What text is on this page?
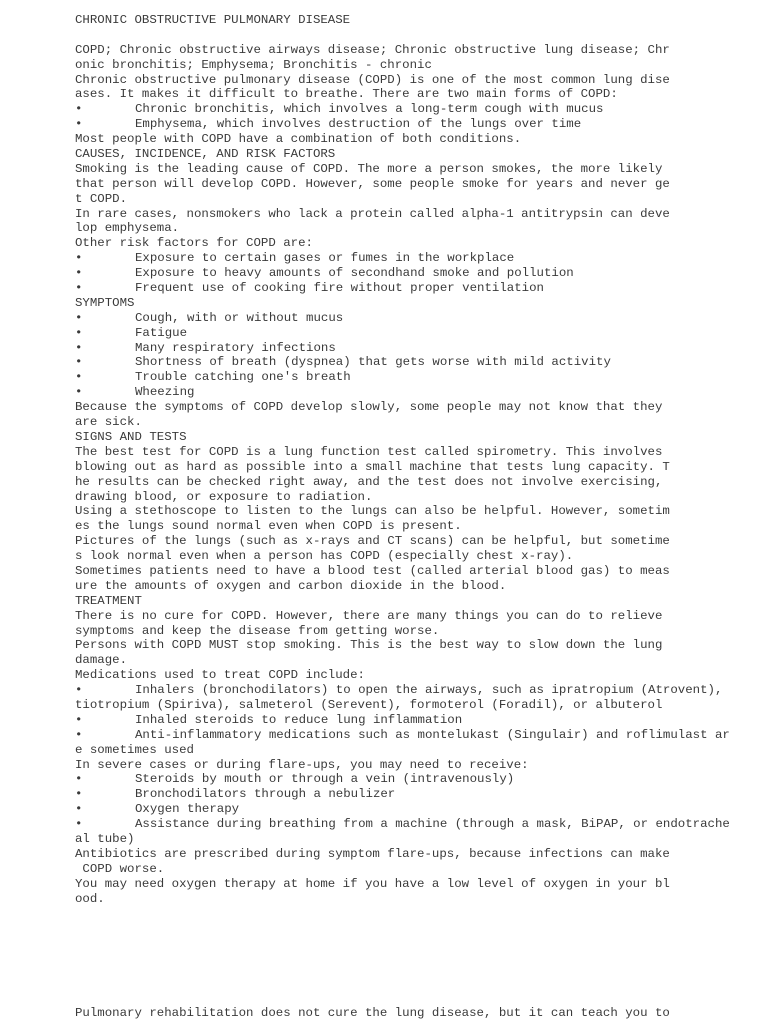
CHRONIC OBSTRUCTIVE PULMONARY DISEASE
COPD; Chronic obstructive airways disease; Chronic obstructive lung disease; Chr
onic bronchitis; Emphysema; Bronchitis - chronic
Chronic obstructive pulmonary disease (COPD) is one of the most common lung dise
ases. It makes it difficult to breathe. There are two main forms of COPD:
•	Chronic bronchitis, which involves a long-term cough with mucus
•	Emphysema, which involves destruction of the lungs over time
Most people with COPD have a combination of both conditions.
CAUSES, INCIDENCE, AND RISK FACTORS
Smoking is the leading cause of COPD. The more a person smokes, the more likely
that person will develop COPD. However, some people smoke for years and never ge
t COPD.
In rare cases, nonsmokers who lack a protein called alpha-1 antitrypsin can deve
lop emphysema.
Other risk factors for COPD are:
•	Exposure to certain gases or fumes in the workplace
•	Exposure to heavy amounts of secondhand smoke and pollution
•	Frequent use of cooking fire without proper ventilation
SYMPTOMS
•	Cough, with or without mucus
•	Fatigue
•	Many respiratory infections
•	Shortness of breath (dyspnea) that gets worse with mild activity
•	Trouble catching one's breath
•	Wheezing
Because the symptoms of COPD develop slowly, some people may not know that they
are sick.
SIGNS AND TESTS
The best test for COPD is a lung function test called spirometry. This involves
blowing out as hard as possible into a small machine that tests lung capacity. T
he results can be checked right away, and the test does not involve exercising,
drawing blood, or exposure to radiation.
Using a stethoscope to listen to the lungs can also be helpful. However, sometim
es the lungs sound normal even when COPD is present.
Pictures of the lungs (such as x-rays and CT scans) can be helpful, but sometime
s look normal even when a person has COPD (especially chest x-ray).
Sometimes patients need to have a blood test (called arterial blood gas) to meas
ure the amounts of oxygen and carbon dioxide in the blood.
TREATMENT
There is no cure for COPD. However, there are many things you can do to relieve
symptoms and keep the disease from getting worse.
Persons with COPD MUST stop smoking. This is the best way to slow down the lung
damage.
Medications used to treat COPD include:
•	Inhalers (bronchodilators) to open the airways, such as ipratropium (Atrovent),
tiotropium (Spiriva), salmeterol (Serevent), formoterol (Foradil), or albuterol
•	Inhaled steroids to reduce lung inflammation
•	Anti-inflammatory medications such as montelukast (Singulair) and roflimulast ar
e sometimes used
In severe cases or during flare-ups, you may need to receive:
•	Steroids by mouth or through a vein (intravenously)
•	Bronchodilators through a nebulizer
•	Oxygen therapy
•	Assistance during breathing from a machine (through a mask, BiPAP, or endotrache
al tube)
Antibiotics are prescribed during symptom flare-ups, because infections can make
COPD worse.
You may need oxygen therapy at home if you have a low level of oxygen in your bl
ood.
Pulmonary rehabilitation does not cure the lung disease, but it can teach you to
